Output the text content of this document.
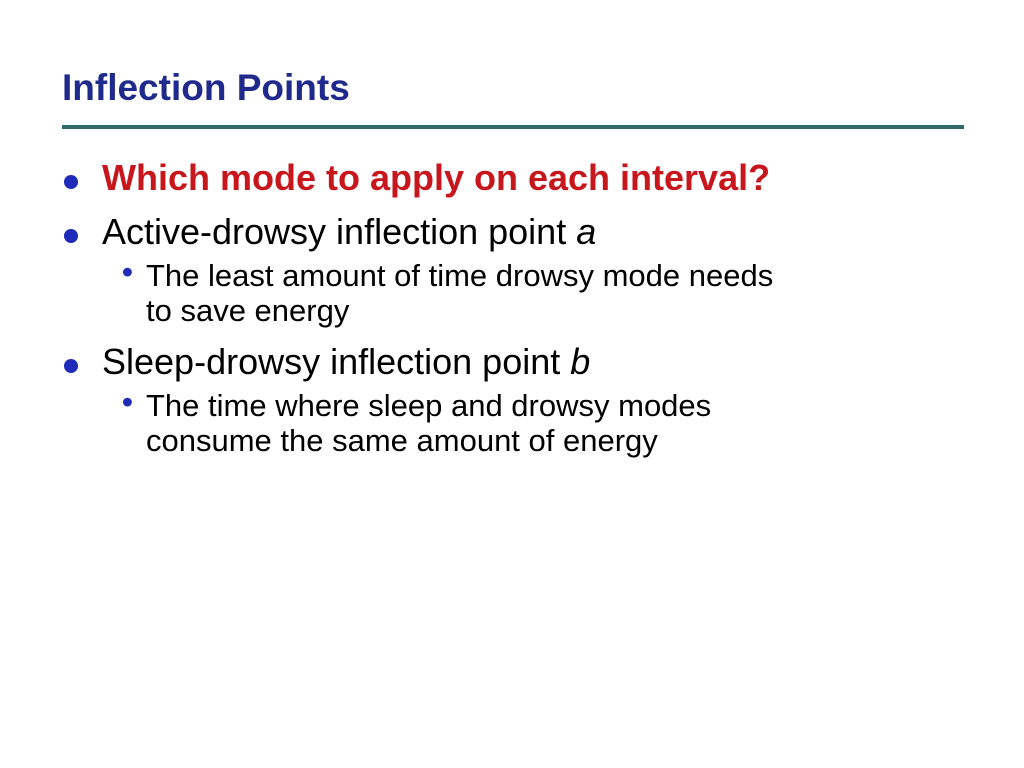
Inflection Points
Which mode to apply on each interval?
Active-drowsy inflection point a
• The least amount of time drowsy mode needs
to save energy
Sleep-drowsy inflection point b
• The time where sleep and drowsy modes
consume the same amount of energy
